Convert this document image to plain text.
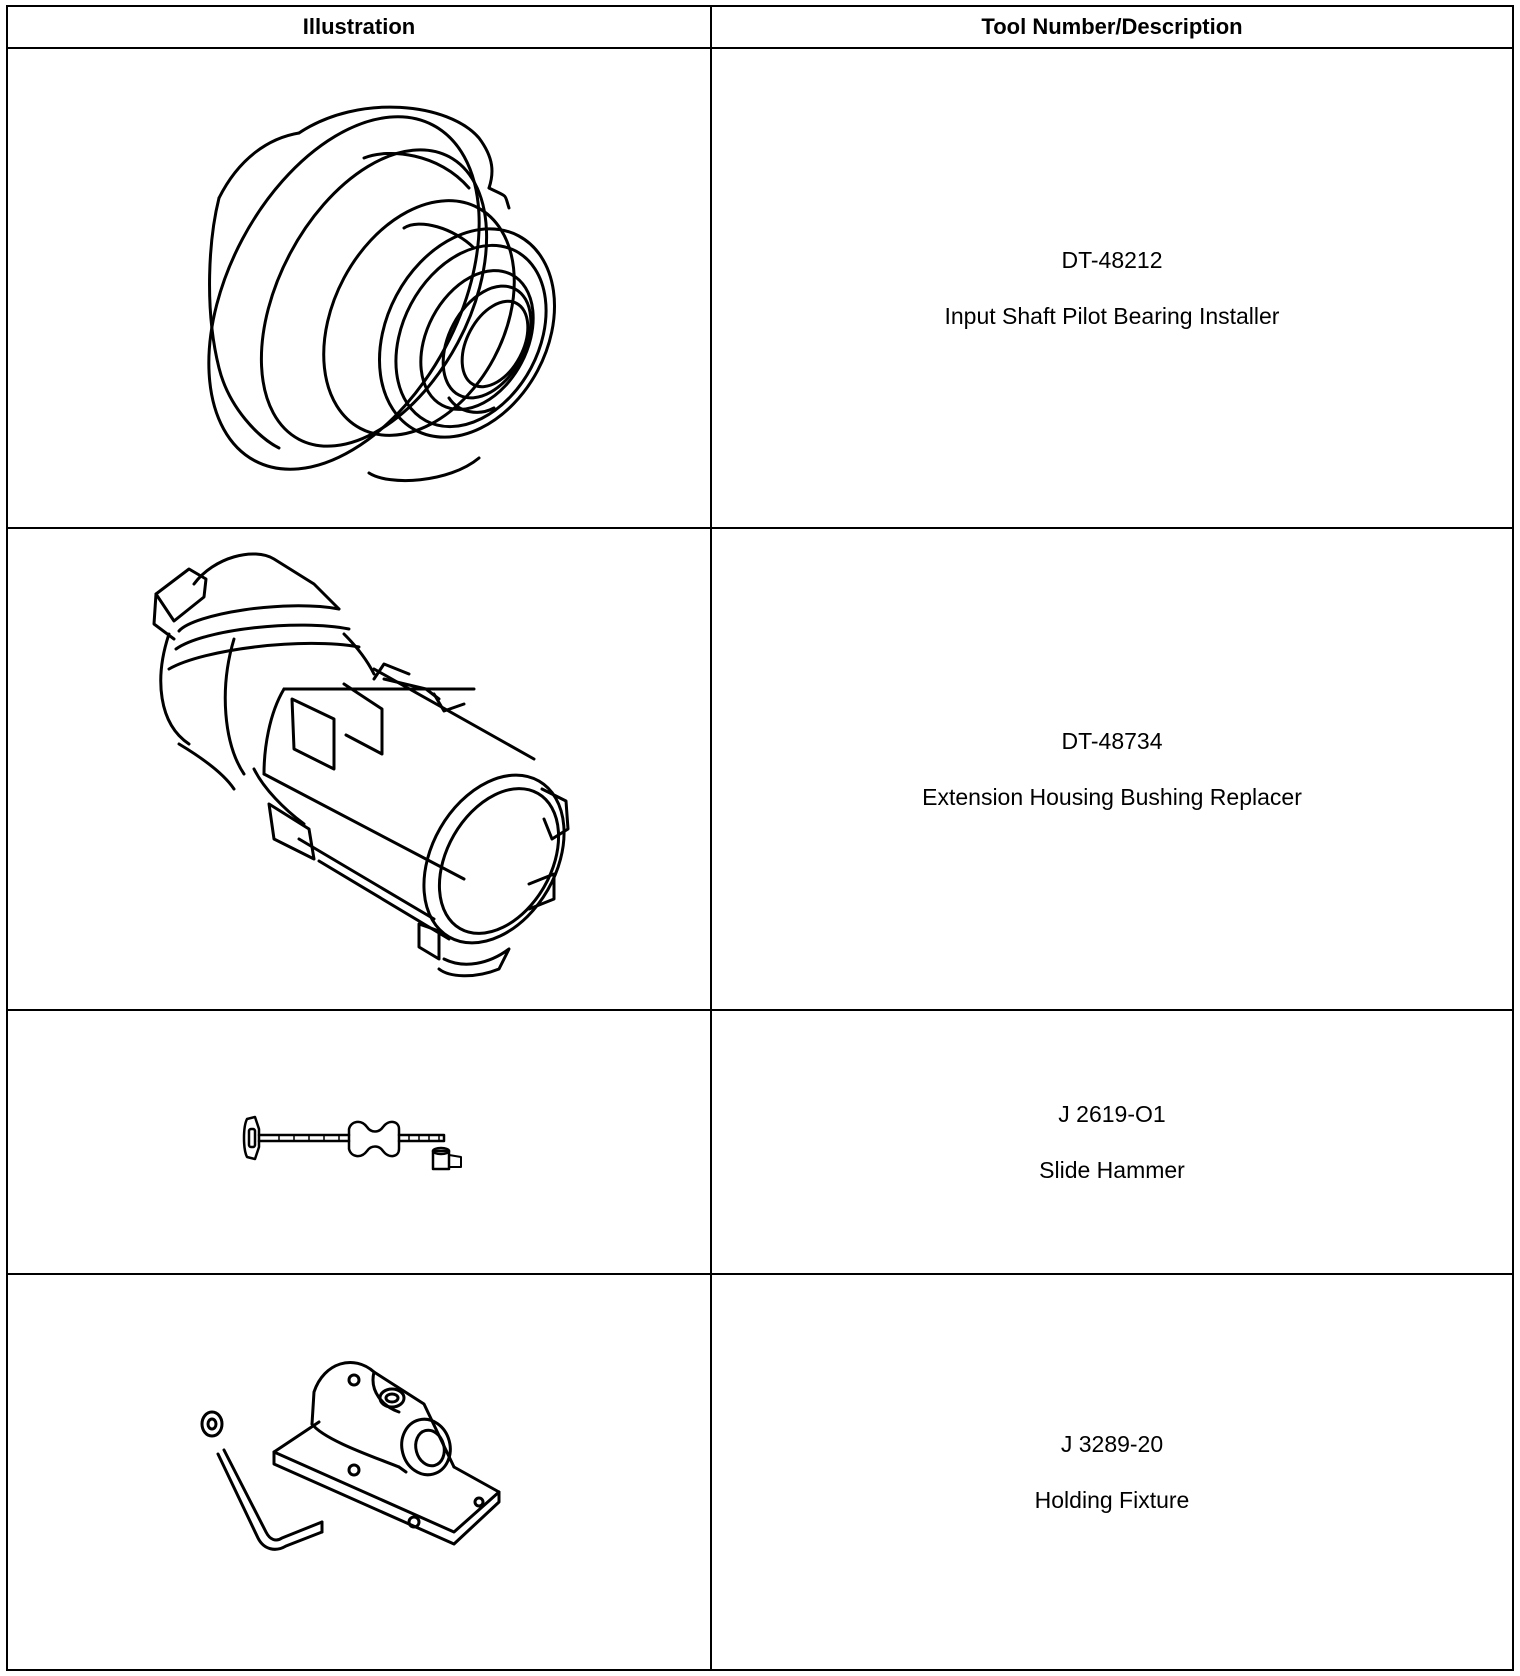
Illustration	Tool Number/Description

DT-48212
Input Shaft Pilot Bearing Installer

DT-48734
Extension Housing Bushing Replacer

J 2619-O1
Slide Hammer

J 3289-20
Holding Fixture
